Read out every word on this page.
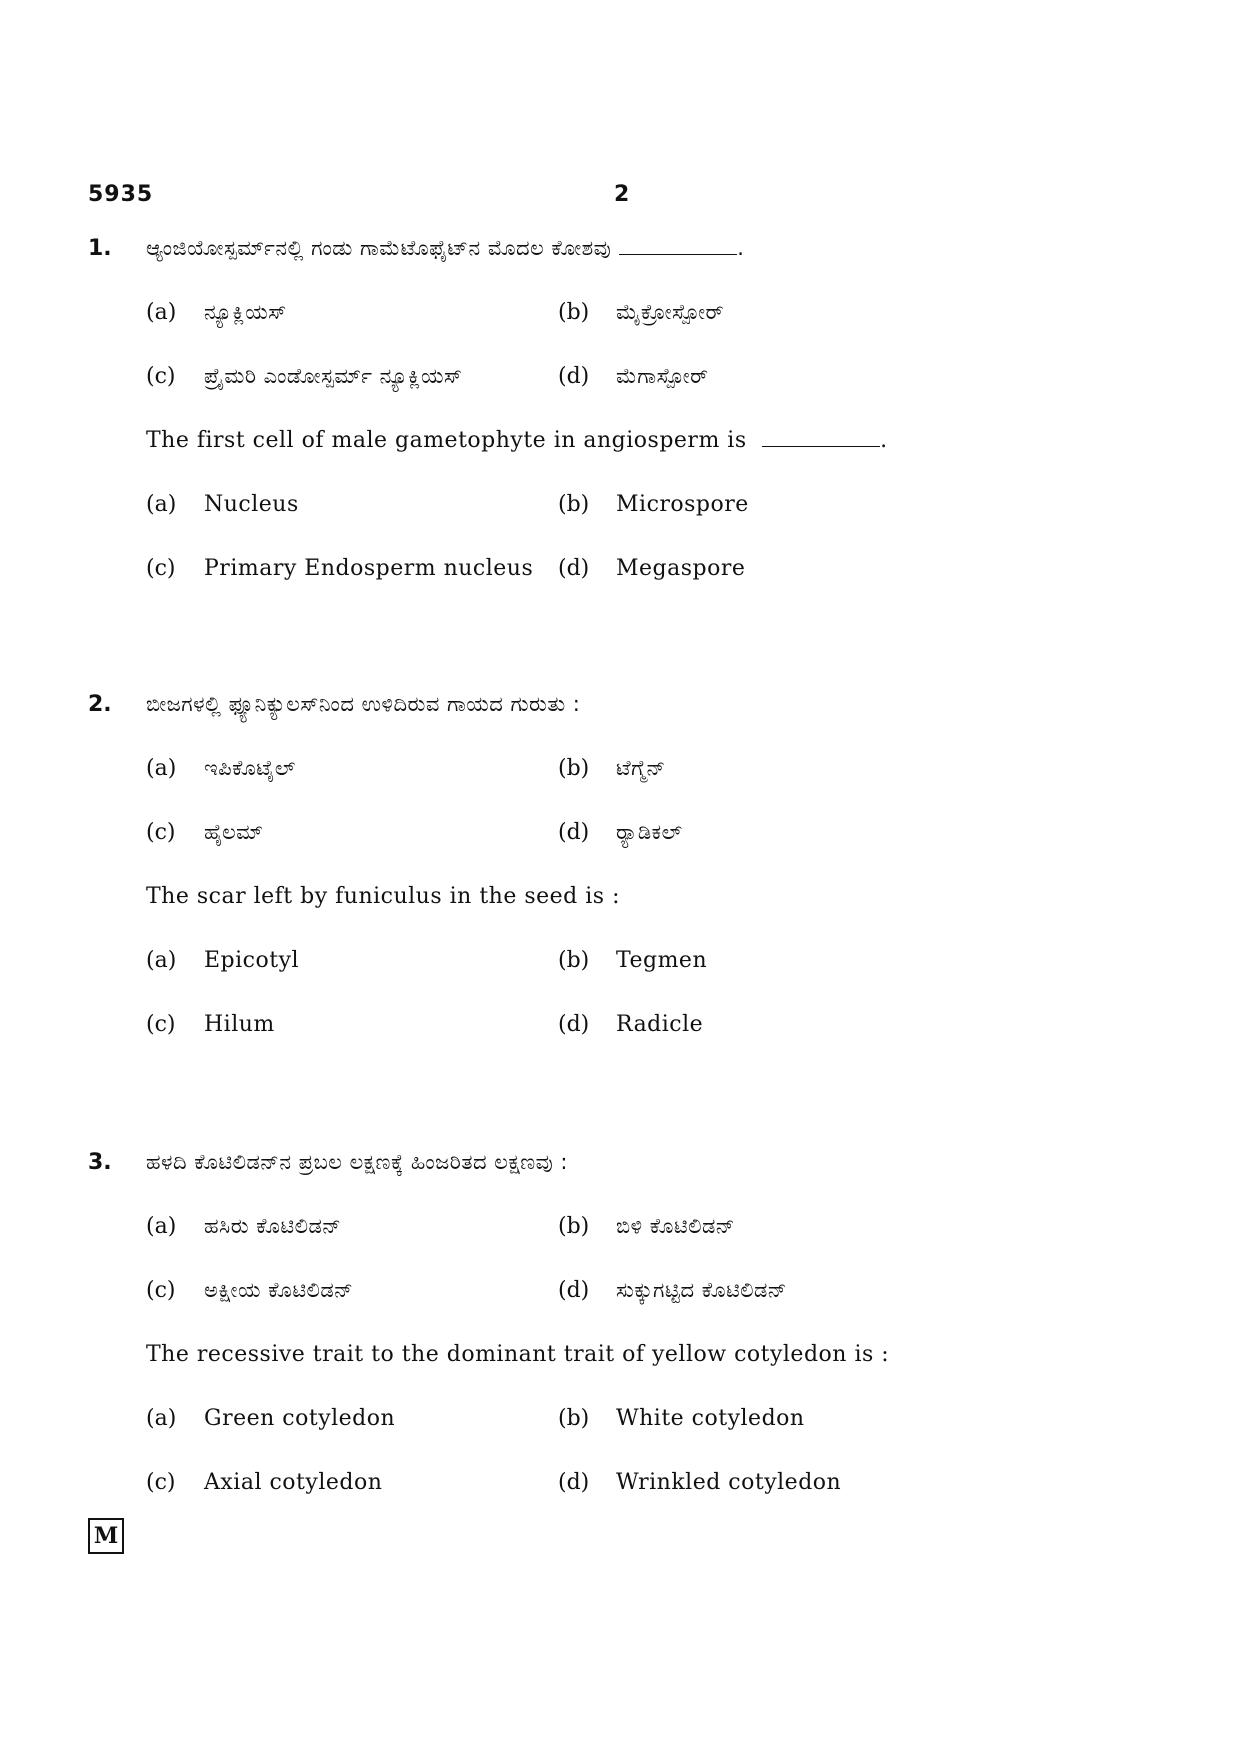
5935	2
1. ಆ್ಯಂಜಿಯೋಸ್ಪರ್ಮ್‌ನಲ್ಲಿ ಗಂಡು ಗಾಮೆಟೊಫೈಟ್‌ನ ಮೊದಲ ಕೋಶವು	.
(a) ನ್ಯೂಕ್ಲಿಯಸ್	(b) ಮೈಕ್ರೋಸ್ಪೋರ್
(c) ಪ್ರೈಮರಿ ಎಂಡೋಸ್ಪರ್ಮ್ ನ್ಯೂಕ್ಲಿಯಸ್	(d) ಮೆಗಾಸ್ಪೋರ್
The first cell of male gametophyte in angiosperm is	.
(a) Nucleus	(b) Microspore
(c) Primary Endosperm nucleus (d) Megaspore
2. ಬೀಜಗಳಲ್ಲಿ ಫ್ಯೂನಿಕ್ಯುಲಸ್‌ನಿಂದ ಉಳಿದಿರುವ ಗಾಯದ ಗುರುತು :
(a) ಇಪಿಕೊಟೈಲ್	(b) ಟೆಗ್ಮೆನ್
(c) ಹೈಲಮ್	(d) ರ್‍ಯಾಡಿಕಲ್
The scar left by funiculus in the seed is :
(a) Epicotyl	(b) Tegmen
(c) Hilum	(d) Radicle
3. ಹಳದಿ ಕೊಟಿಲಿಡನ್‌ನ ಪ್ರಬಲ ಲಕ್ಷಣಕ್ಕೆ ಹಿಂಜರಿತದ ಲಕ್ಷಣವು :
(a) ಹಸಿರು ಕೊಟಿಲಿಡನ್	(b) ಬಿಳಿ ಕೊಟಿಲಿಡನ್
(c) ಅಕ್ಷೀಯ ಕೊಟಿಲಿಡನ್	(d) ಸುಕ್ಕುಗಟ್ಟಿದ ಕೊಟಿಲಿಡನ್
The recessive trait to the dominant trait of yellow cotyledon is :
(a) Green cotyledon	(b) White cotyledon
(c) Axial cotyledon	(d) Wrinkled cotyledon
M
